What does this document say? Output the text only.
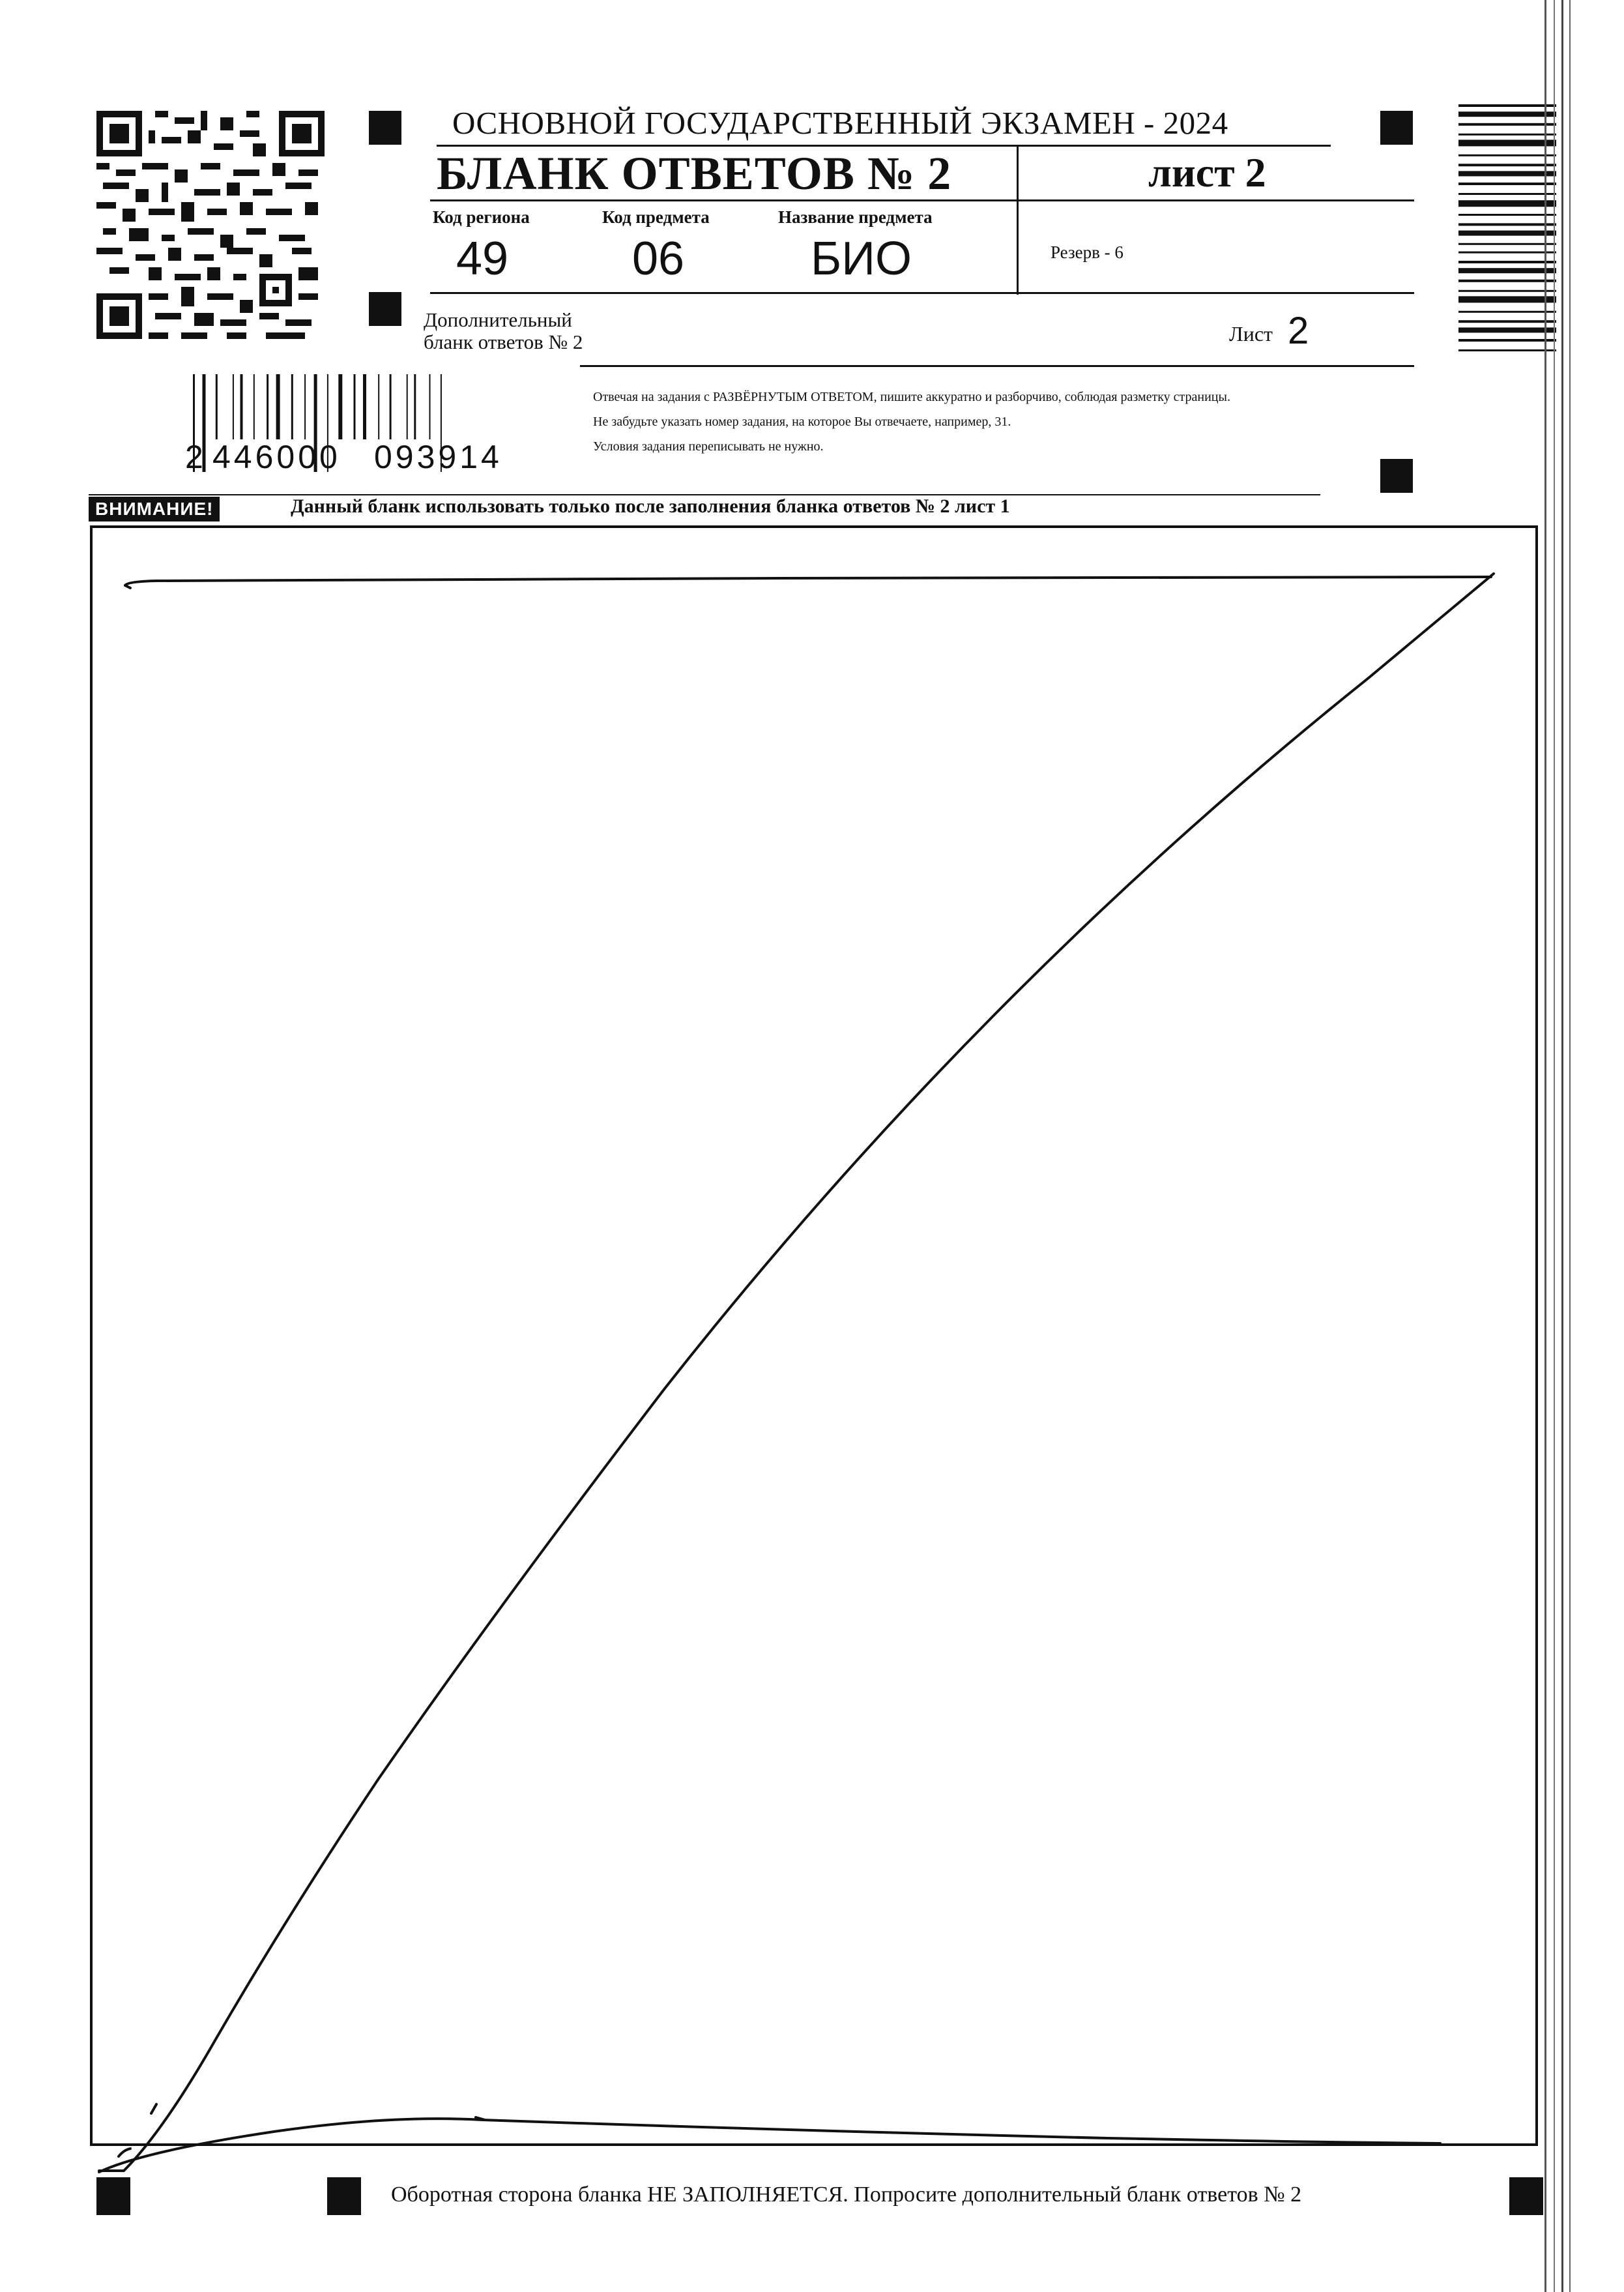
ОСНОВНОЙ ГОСУДАРСТВЕННЫЙ ЭКЗАМЕН - 2024
БЛАНК ОТВЕТОВ № 2	лист 2
Код региона
49
Код предмета
06
Название предмета
БИО	Резерв - 6
Дополнительный
бланк ответов № 2	Лист 2
2 446000 093914
Отвечая на задания с РАЗВЁРНУТЫМ ОТВЕТОМ, пишите аккуратно и разборчиво, соблюдая разметку страницы.
Не забудьте указать номер задания, на которое Вы отвечаете, например, 31.
Условия задания переписывать не нужно.
ВНИМАНИЕ!	Данный бланк использовать только после заполнения бланка ответов № 2 лист 1
Оборотная сторона бланка НЕ ЗАПОЛНЯЕТСЯ. Попросите дополнительный бланк ответов № 2
